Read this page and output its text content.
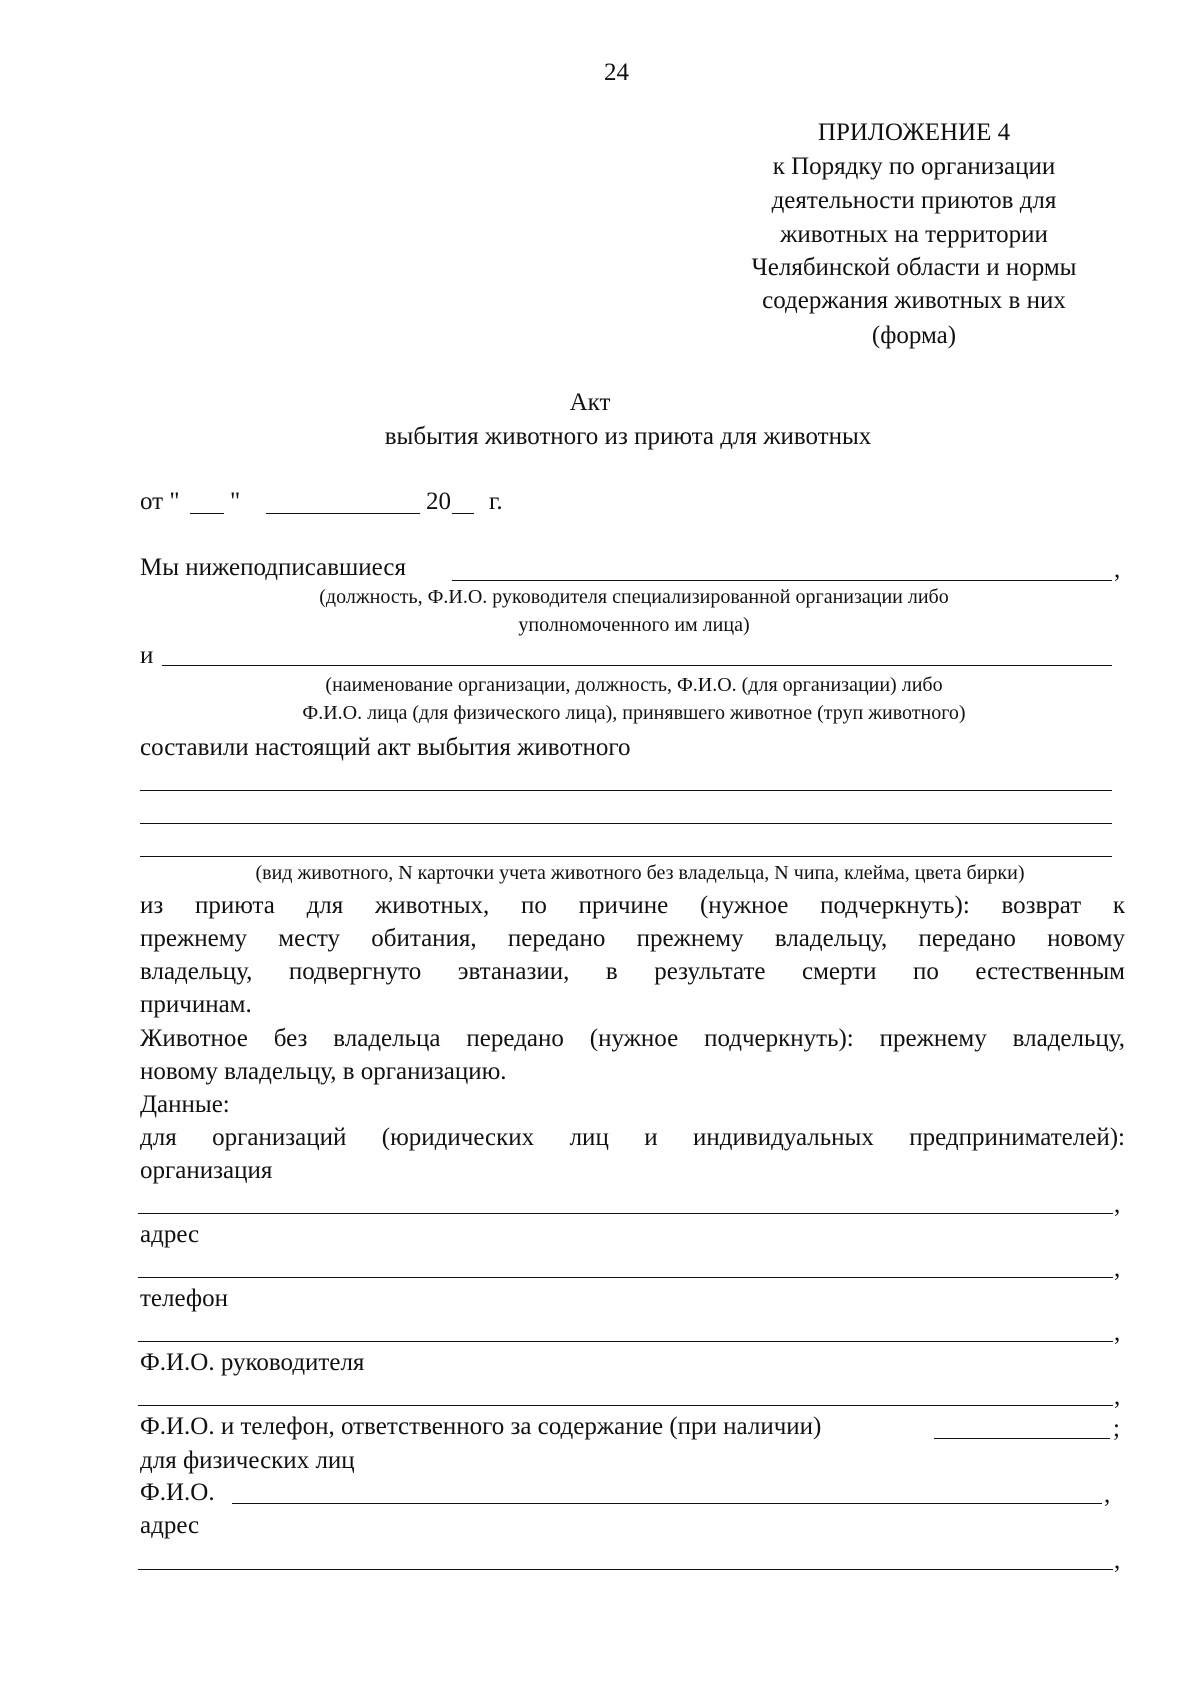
24
ПРИЛОЖЕНИЕ 4
к Порядку по организации
деятельности приютов для
животных на территории
Челябинской области и нормы
содержания животных в них
(форма)
Акт
выбытия животного из приюта для животных
от " "	20 г.
Мы нижеподписавшиеся	,
(должность, Ф.И.О. руководителя специализированной организации либо
уполномоченного им лица)
и
(наименование организации, должность, Ф.И.О. (для организации) либо
Ф.И.О. лица (для физического лица), принявшего животное (труп животного)
составили настоящий акт выбытия животного
(вид животного, N карточки учета животного без владельца, N чипа, клейма, цвета бирки)
из приюта для животных, по причине (нужное подчеркнуть): возврат к
прежнему месту обитания, передано прежнему владельцу, передано новому
владельцу, подвергнуто эвтаназии, в результате смерти по естественным
причинам.
Животное без владельца передано (нужное подчеркнуть): прежнему владельцу,
новому владельцу, в организацию.
Данные:
для организаций (юридических лиц и индивидуальных предпринимателей):
организация
,
адрес
,
телефон
,
Ф.И.О. руководителя
,
Ф.И.О. и телефон, ответственного за содержание (при наличии)	;
для физических лиц
Ф.И.О.	,
адрес
,
